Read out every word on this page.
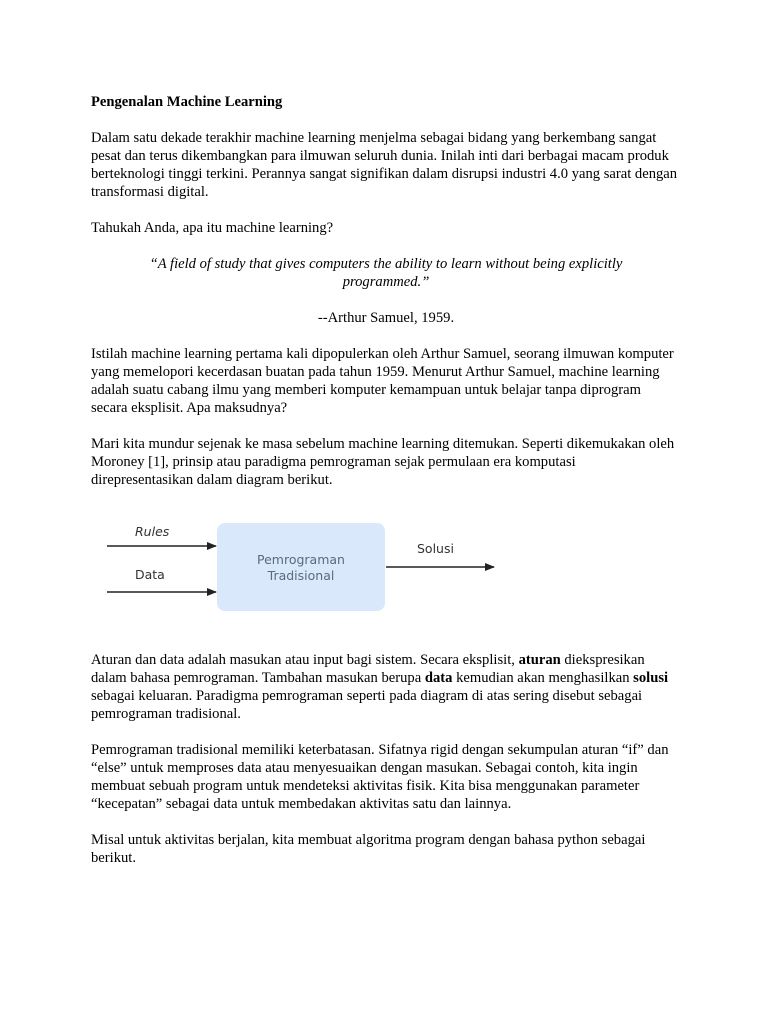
Pengenalan Machine Learning

Dalam satu dekade terakhir machine learning menjelma sebagai bidang yang berkembang sangat pesat dan terus dikembangkan para ilmuwan seluruh dunia. Inilah inti dari berbagai macam produk berteknologi tinggi terkini. Perannya sangat signifikan dalam disrupsi industri 4.0 yang sarat dengan transformasi digital.

Tahukah Anda, apa itu machine learning?

“A field of study that gives computers the ability to learn without being explicitly programmed.”

--Arthur Samuel, 1959.

Istilah machine learning pertama kali dipopulerkan oleh Arthur Samuel, seorang ilmuwan komputer yang memelopori kecerdasan buatan pada tahun 1959. Menurut Arthur Samuel, machine learning adalah suatu cabang ilmu yang memberi komputer kemampuan untuk belajar tanpa diprogram secara eksplisit. Apa maksudnya?

Mari kita mundur sejenak ke masa sebelum machine learning ditemukan. Seperti dikemukakan oleh Moroney [1], prinsip atau paradigma pemrograman sejak permulaan era komputasi direpresentasikan dalam diagram berikut.

Rules
Data
Pemrograman
Tradisional
Solusi

Aturan dan data adalah masukan atau input bagi sistem. Secara eksplisit, aturan diekspresikan dalam bahasa pemrograman. Tambahan masukan berupa data kemudian akan menghasilkan solusi sebagai keluaran. Paradigma pemrograman seperti pada diagram di atas sering disebut sebagai pemrograman tradisional.

Pemrograman tradisional memiliki keterbatasan. Sifatnya rigid dengan sekumpulan aturan “if” dan “else” untuk memproses data atau menyesuaikan dengan masukan. Sebagai contoh, kita ingin membuat sebuah program untuk mendeteksi aktivitas fisik. Kita bisa menggunakan parameter “kecepatan” sebagai data untuk membedakan aktivitas satu dan lainnya.

Misal untuk aktivitas berjalan, kita membuat algoritma program dengan bahasa python sebagai berikut.
